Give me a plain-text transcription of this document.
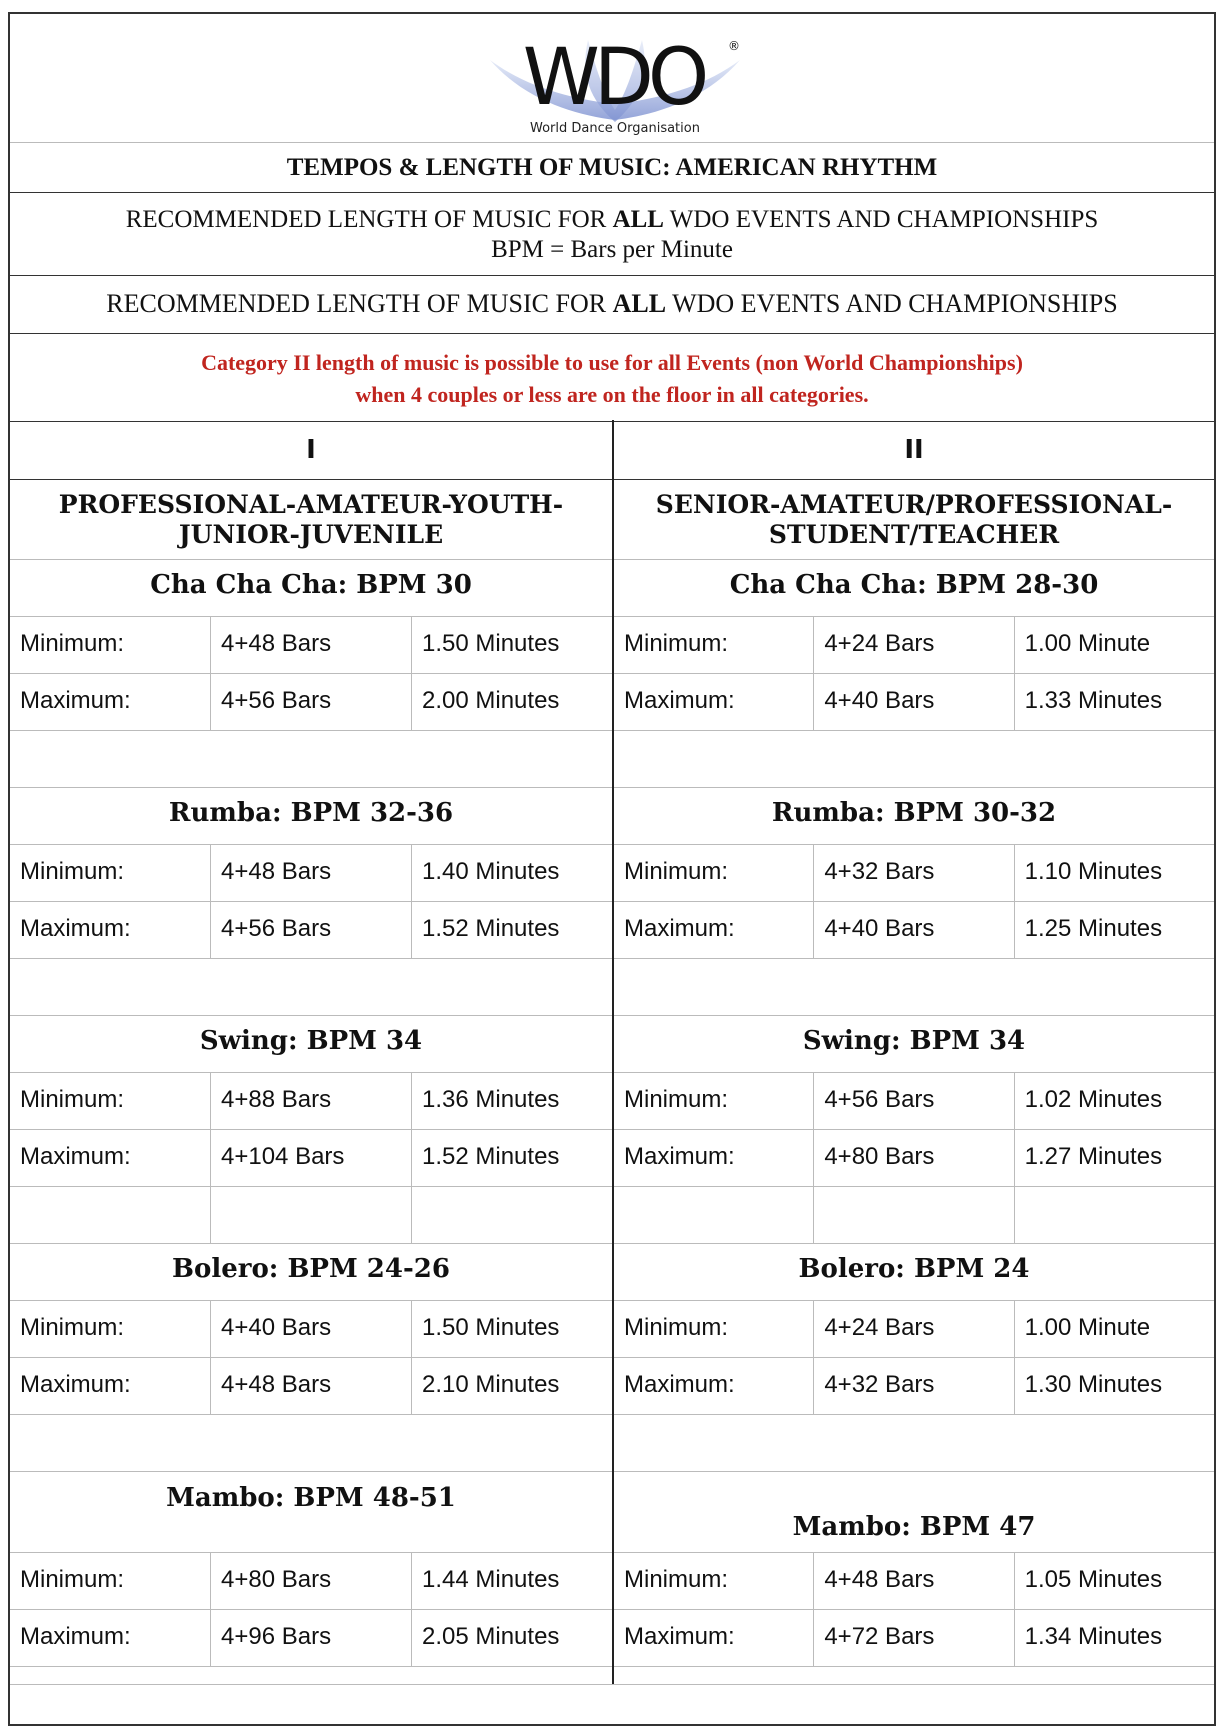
WDO ®
World Dance Organisation
TEMPOS & LENGTH OF MUSIC: AMERICAN RHYTHM
RECOMMENDED LENGTH OF MUSIC FOR ALL WDO EVENTS AND CHAMPIONSHIPS
BPM = Bars per Minute
RECOMMENDED LENGTH OF MUSIC FOR ALL WDO EVENTS AND CHAMPIONSHIPS
Category II length of music is possible to use for all Events (non World Championships)
when 4 couples or less are on the floor in all categories.
I
PROFESSIONAL-AMATEUR-YOUTH-
JUNIOR-JUVENILE
Cha Cha Cha: BPM 30
Minimum:	4+48 Bars	1.50 Minutes
Maximum:	4+56 Bars	2.00 Minutes
Rumba: BPM 32-36
Minimum:	4+48 Bars	1.40 Minutes
Maximum:	4+56 Bars	1.52 Minutes
Swing: BPM 34
Minimum:	4+88 Bars	1.36 Minutes
Maximum:	4+104 Bars	1.52 Minutes
Bolero: BPM 24-26
Minimum:	4+40 Bars	1.50 Minutes
Maximum:	4+48 Bars	2.10 Minutes
Mambo: BPM 48-51
Minimum:	4+80 Bars	1.44 Minutes
Maximum:	4+96 Bars	2.05 Minutes
II
SENIOR-AMATEUR/PROFESSIONAL-
STUDENT/TEACHER
Cha Cha Cha: BPM 28-30
Minimum:	4+24 Bars	1.00 Minute
Maximum:	4+40 Bars	1.33 Minutes
Rumba: BPM 30-32
Minimum:	4+32 Bars	1.10 Minutes
Maximum:	4+40 Bars	1.25 Minutes
Swing: BPM 34
Minimum:	4+56 Bars	1.02 Minutes
Maximum:	4+80 Bars	1.27 Minutes
Bolero: BPM 24
Minimum:	4+24 Bars	1.00 Minute
Maximum:	4+32 Bars	1.30 Minutes
Mambo: BPM 47
Minimum:	4+48 Bars	1.05 Minutes
Maximum:	4+72 Bars	1.34 Minutes
